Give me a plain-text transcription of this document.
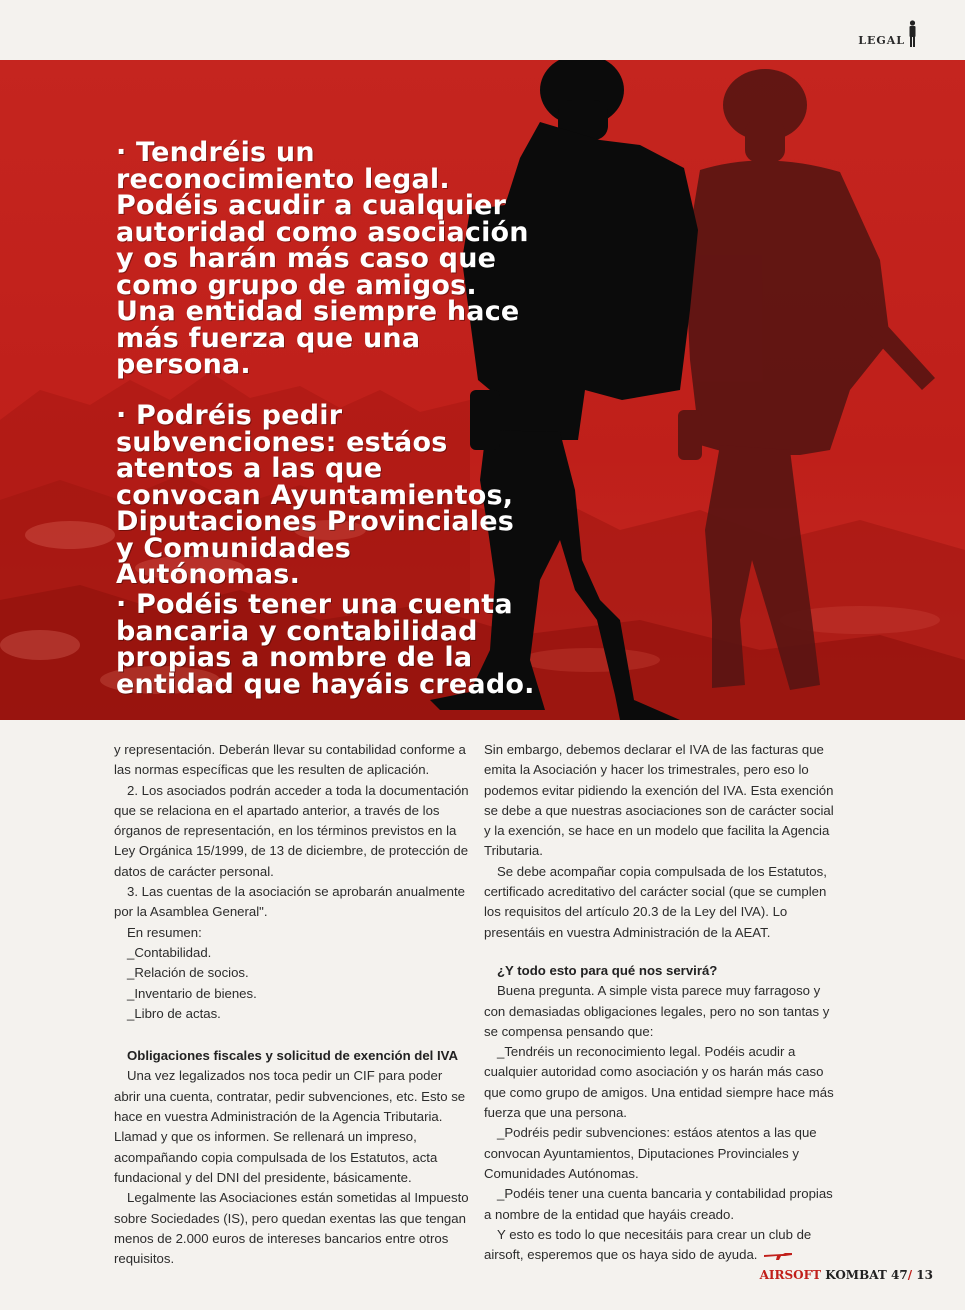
LEGAL

· Tendréis un reconocimiento legal. Podéis acudir a cualquier autoridad como asociación y os harán más caso que como grupo de amigos. Una entidad siempre hace más fuerza que una persona.

· Podréis pedir subvenciones: estáos atentos a las que convocan Ayuntamientos, Diputaciones Provinciales y Comunidades Autónomas.

· Podéis tener una cuenta bancaria y contabilidad propias a nombre de la entidad que hayáis creado.

y representación. Deberán llevar su contabilidad conforme a las normas específicas que les resulten de aplicación.

2. Los asociados podrán acceder a toda la documentación que se relaciona en el apartado anterior, a través de los órganos de representación, en los términos previstos en la Ley Orgánica 15/1999, de 13 de diciembre, de protección de datos de carácter personal.

3. Las cuentas de la asociación se aprobarán anualmente por la Asamblea General".

En resumen:

_Contabilidad.

_Relación de socios.

_Inventario de bienes.

_Libro de actas.

Obligaciones fiscales y solicitud de exención del IVA

Una vez legalizados nos toca pedir un CIF para poder abrir una cuenta, contratar, pedir subvenciones, etc. Esto se hace en vuestra Administración de la Agencia Tributaria. Llamad y que os informen. Se rellenará un impreso, acompañando copia compulsada de los Estatutos, acta fundacional y del DNI del presidente, básicamente.

Legalmente las Asociaciones están sometidas al Impuesto sobre Sociedades (IS), pero quedan exentas las que tengan menos de 2.000 euros de intereses bancarios entre otros requisitos.

Sin embargo, debemos declarar el IVA de las facturas que emita la Asociación y hacer los trimestrales, pero eso lo podemos evitar pidiendo la exención del IVA. Esta exención se debe a que nuestras asociaciones son de carácter social y la exención, se hace en un modelo que facilita la Agencia Tributaria.

Se debe acompañar copia compulsada de los Estatutos, certificado acreditativo del carácter social (que se cumplen los requisitos del artículo 20.3 de la Ley del IVA). Lo presentáis en vuestra Administración de la AEAT.

¿Y todo esto para qué nos servirá?

Buena pregunta. A simple vista parece muy farragoso y con demasiadas obligaciones legales, pero no son tantas y se compensa pensando que:

_Tendréis un reconocimiento legal. Podéis acudir a cualquier autoridad como asociación y os harán más caso que como grupo de amigos. Una entidad siempre hace más fuerza que una persona.

_Podréis pedir subvenciones: estáos atentos a las que convocan Ayuntamientos, Diputaciones Provinciales y Comunidades Autónomas.

_Podéis tener una cuenta bancaria y contabilidad propias a nombre de la entidad que hayáis creado.

Y esto es todo lo que necesitáis para crear un club de airsoft, esperemos que os haya sido de ayuda.

AIRSOFT KOMBAT 47/ 13
